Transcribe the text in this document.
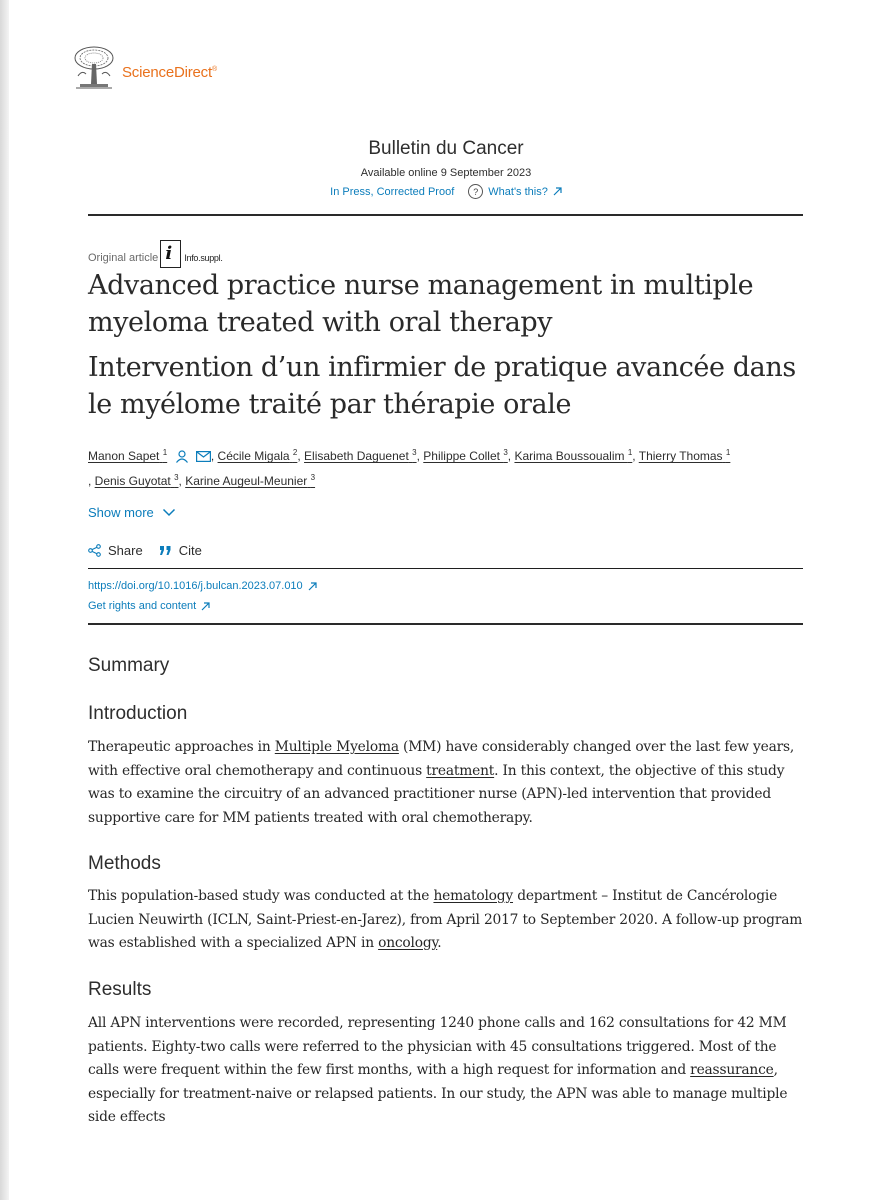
ScienceDirect®
Bulletin du Cancer
Available online 9 September 2023
In Press, Corrected Proof	? What's this?
Original article i Info.suppl.
Advanced practice nurse management in multiple
myeloma treated with oral therapy
Intervention d’un infirmier de pratique avancée dans
le myélome traité par thérapie orale
Manon Sapet $^1$	, Cécile Migala $^2$, Elisabeth Daguenet $^3$, Philippe Collet $^3$, Karima Boussoualim $^1$, Thierry Thomas $^1$
, Denis Guyotat $^3$, Karine Augeul-Meunier $^3$
Show more
Share	Cite
https://doi.org/10.1016/j.bulcan.2023.07.010
Get rights and content
Summary
Introduction
Therapeutic approaches in Multiple Myeloma (MM) have considerably changed over the last few years, with effective oral chemotherapy and continuous treatment. In this context, the objective of this study was to examine the circuitry of an advanced practitioner nurse (APN)-led intervention that provided supportive care for MM patients treated with oral chemotherapy.
Methods
This population-based study was conducted at the hematology department – Institut de Cancérologie Lucien Neuwirth (ICLN, Saint-Priest-en-Jarez), from April 2017 to September 2020. A follow-up program was established with a specialized APN in oncology.
Results
All APN interventions were recorded, representing 1240 phone calls and 162 consultations for 42 MM patients. Eighty-two calls were referred to the physician with 45 consultations triggered. Most of the calls were frequent within the few first months, with a high request for information and reassurance, especially for treatment-naive or relapsed patients. In our study, the APN was able to manage multiple side effects
